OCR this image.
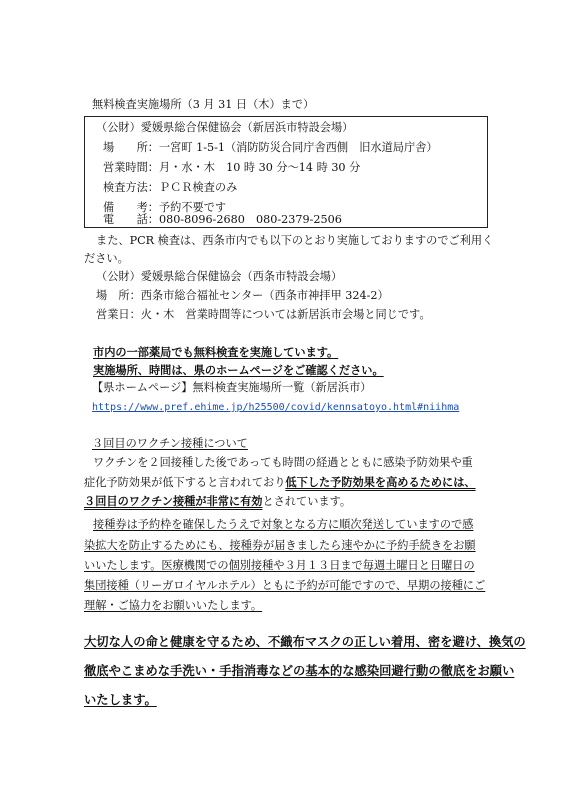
無料検査実施場所（3 月 31 日（木）まで）
（公財）愛媛県総合保健協会（新居浜市特設会場）
場　　所：一宮町 1-5-1（消防防災合同庁舎西側　旧水道局庁舎）
営業時間：月・水・木　10 時 30 分～14 時 30 分
検査方法：ＰＣＲ検査のみ
備　　考：予約不要です
電　　話：080-8096-2680　080-2379-2506
また、PCR 検査は、西条市内でも以下のとおり実施しておりますのでご利用く
ださい。
（公財）愛媛県総合保健協会（西条市特設会場）
場　所：西条市総合福祉センター（西条市神拝甲 324-2）
営業日：火・木　営業時間等については新居浜市会場と同じです。
市内の一部薬局でも無料検査を実施しています。
実施場所、時間は、県のホームページをご確認ください。
【県ホームページ】無料検査実施場所一覧（新居浜市）
https://www.pref.ehime.jp/h25500/covid/kennsatoyo.html#niihma
３回目のワクチン接種について
ワクチンを２回接種した後であっても時間の経過とともに感染予防効果や重
症化予防効果が低下すると言われており低下した予防効果を高めるためには、
３回目のワクチン接種が非常に有効とされています。
接種券は予約枠を確保したうえで対象となる方に順次発送していますので感
染拡大を防止するためにも、接種券が届きましたら速やかに予約手続きをお願
いいたします。医療機関での個別接種や３月１３日まで毎週土曜日と日曜日の
集団接種（リーガロイヤルホテル）ともに予約が可能ですので、早期の接種にご
理解・ご協力をお願いいたします。
大切な人の命と健康を守るため、不織布マスクの正しい着用、密を避け、換気の
徹底やこまめな手洗い・手指消毒などの基本的な感染回避行動の徹底をお願い
いたします。
